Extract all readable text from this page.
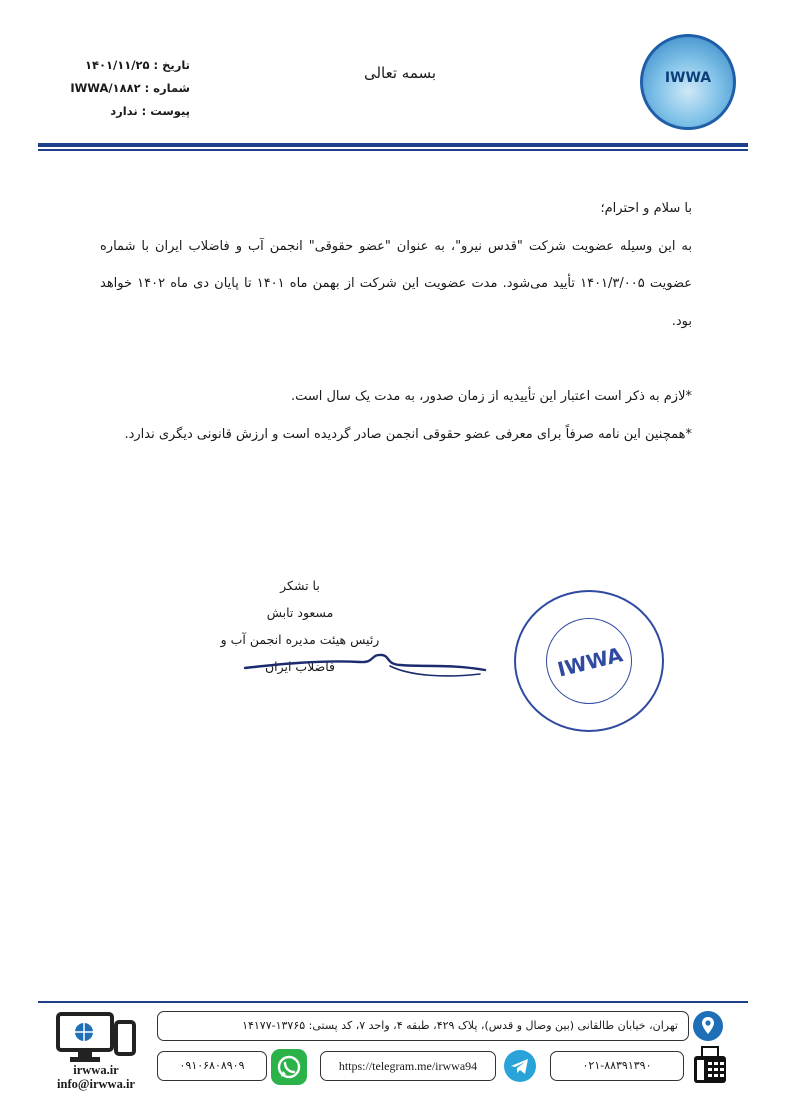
IWWA
بسمه تعالی
تاریخ : ۱۴۰۱/۱۱/۲۵
شماره : IWWA/۱۸۸۲
پیوست : ندارد

با سلام و احترام؛

به این وسیله عضویت شرکت "قدس نیرو"، به عنوان "عضو حقوقی" انجمن آب و فاضلاب ایران با شماره عضویت ۱۴۰۱/۳/۰۰۵ تأیید می‌شود. مدت عضویت این شرکت از بهمن ماه ۱۴۰۱ تا پایان دی ماه ۱۴۰۲ خواهد بود.

*لازم به ذکر است اعتبار این تأییدیه از زمان صدور، به مدت یک سال است.

*همچنین این نامه صرفاً برای معرفی عضو حقوقی انجمن صادر گردیده است و ارزش قانونی دیگری ندارد.

با تشکر
مسعود تابش
رئیس هیئت مدیره انجمن آب و فاضلاب ایران	IWWA
تهران، خیابان طالقانی (بین وصال و قدس)، پلاک ۴۲۹، طبقه ۴، واحد ۷، کد پستی: ۱۳۷۶۵-۱۴۱۷۷
۰۲۱-۸۸۳۹۱۳۹۰
https://telegram.me/irwwa94
۰۹۱۰۶۸۰۸۹۰۹
irwwa.ir
info@irwwa.ir
